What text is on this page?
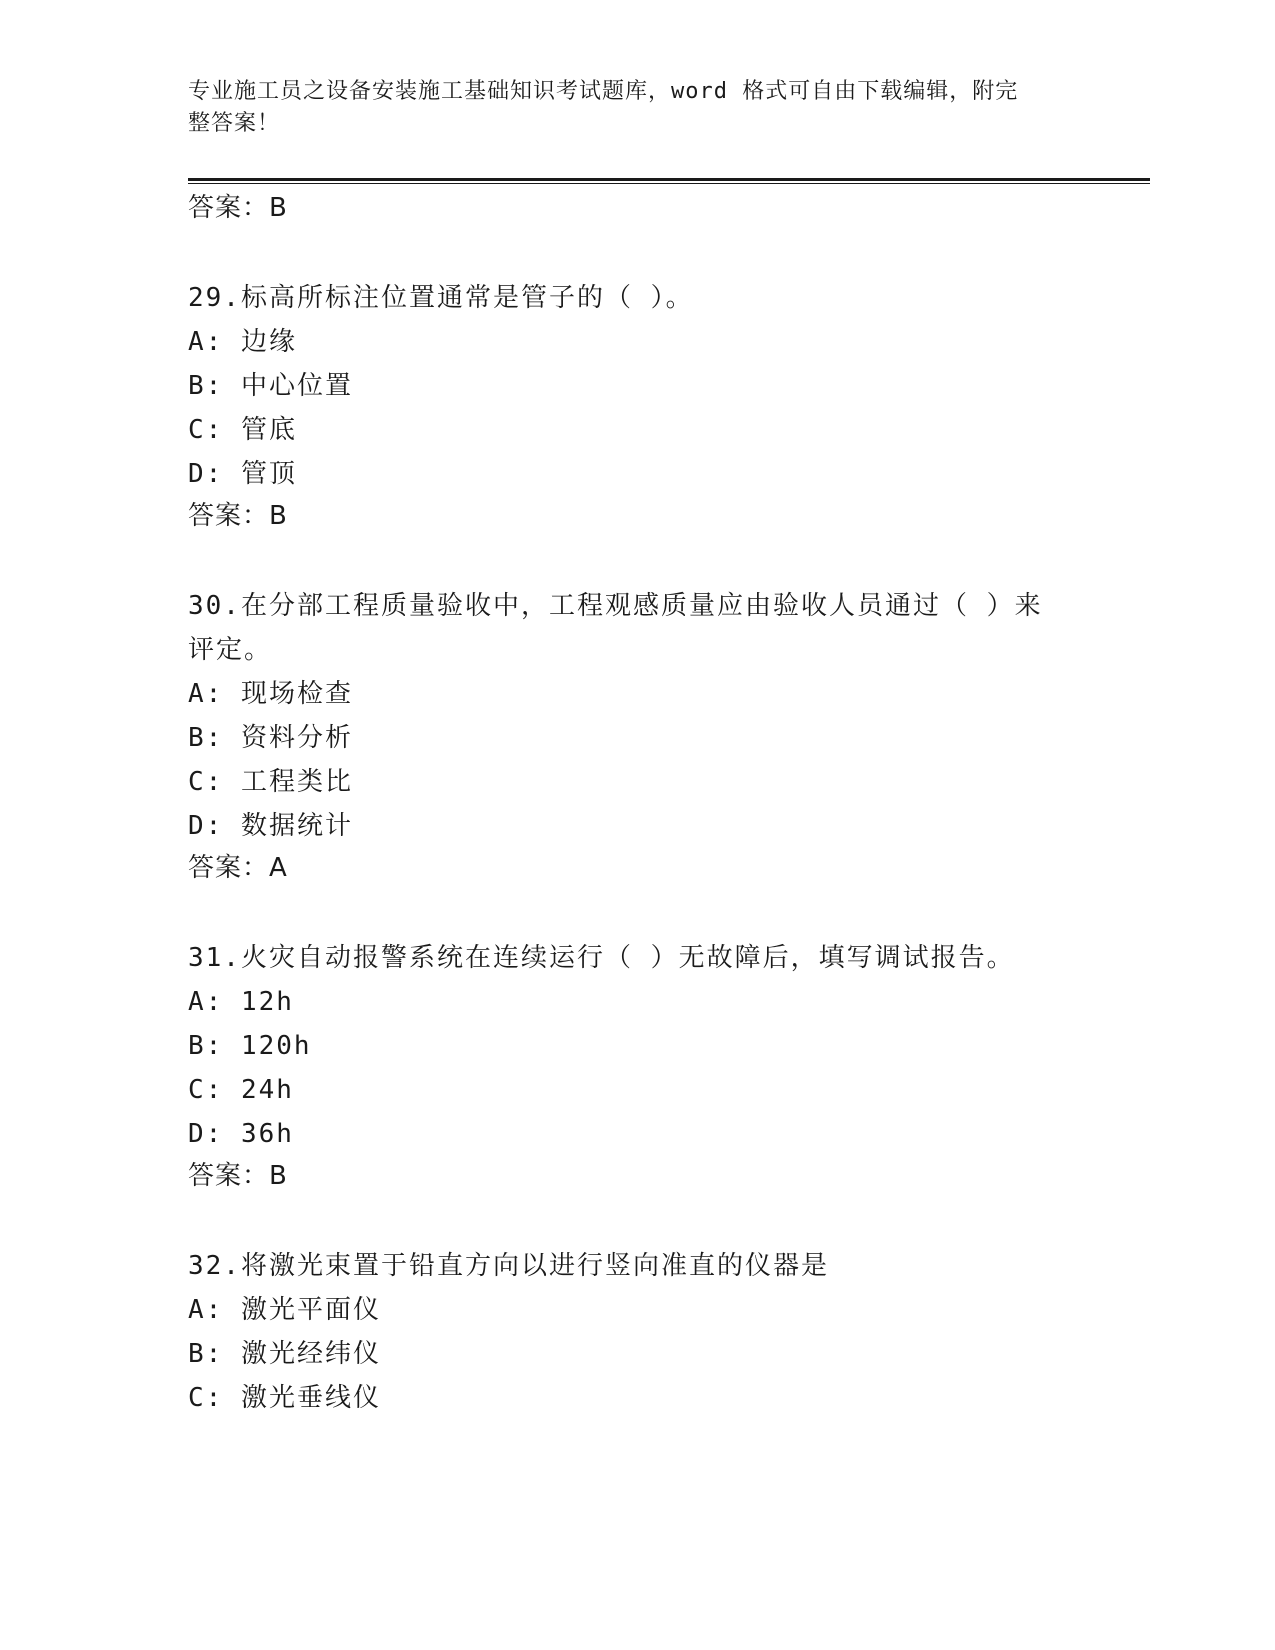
专业施工员之设备安装施工基础知识考试题库，word 格式可自由下载编辑，附完
整答案！
答案：B
29.标高所标注位置通常是管子的（ ）。
A: 边缘
B: 中心位置
C: 管底
D: 管顶
答案：B
30.在分部工程质量验收中，工程观感质量应由验收人员通过（ ）来
评定。
A: 现场检查
B: 资料分析
C: 工程类比
D: 数据统计
答案：A
31.火灾自动报警系统在连续运行（ ）无故障后，填写调试报告。
A: 12h
B: 120h
C: 24h
D: 36h
答案：B
32.将激光束置于铅直方向以进行竖向准直的仪器是
A: 激光平面仪
B: 激光经纬仪
C: 激光垂线仪
